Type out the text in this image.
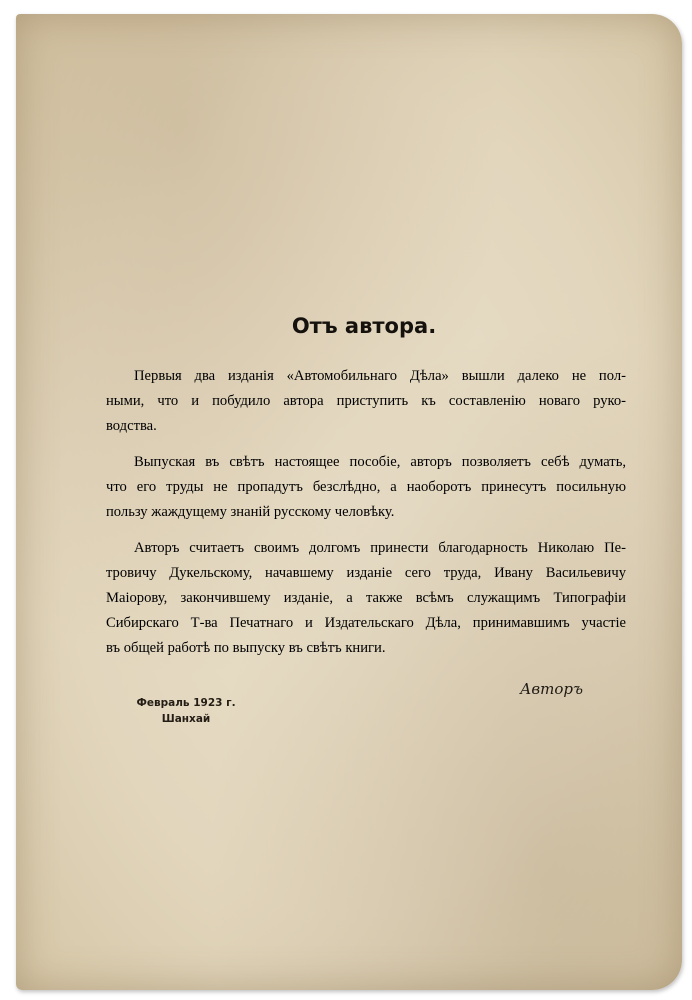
Отъ автора.
Первыя два изданія «Автомобильнаго Дѣла» вышли далеко не пол-
ными, что и побудило автора приступить къ составленію новаго руко-
водства.
Выпуская въ свѣтъ настоящее пособіе, авторъ позволяетъ себѣ думать,
что его труды не пропадутъ безслѣдно, а наоборотъ принесутъ посильную
пользу жаждущему знаній русскому человѣку.
Авторъ считаетъ своимъ долгомъ принести благодарность Николаю Пе-
тровичу Дукельскому, начавшему изданіе сего труда, Ивану Васильевичу
Маіорову, закончившему изданіе, а также всѣмъ служащимъ Типографіи
Сибирскаго Т-ва Печатнаго и Издательскаго Дѣла, принимавшимъ участіе
въ общей работѣ по выпуску въ свѣтъ книги.
Авторъ
Февраль 1923 г.
Шанхай
